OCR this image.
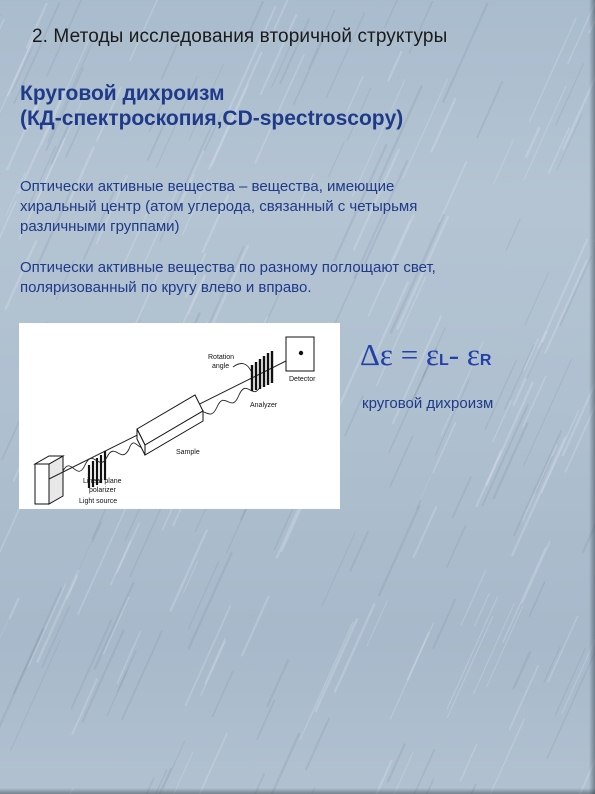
2. Методы исследования вторичной структуры
Круговой дихроизм
(КД-спектроскопия,CD-spectroscopy)
Оптически активные вещества – вещества, имеющие
хиральный центр (атом углерода, связанный с четырьмя
различными группами)
Оптически активные вещества по разному поглощают свет,
поляризованный по кругу влево и вправо.
Rotation
angle
Detector
Analyzer
Sample
Linear plane
polarizer
Light source
Δε = εL- εR
круговой дихроизм
